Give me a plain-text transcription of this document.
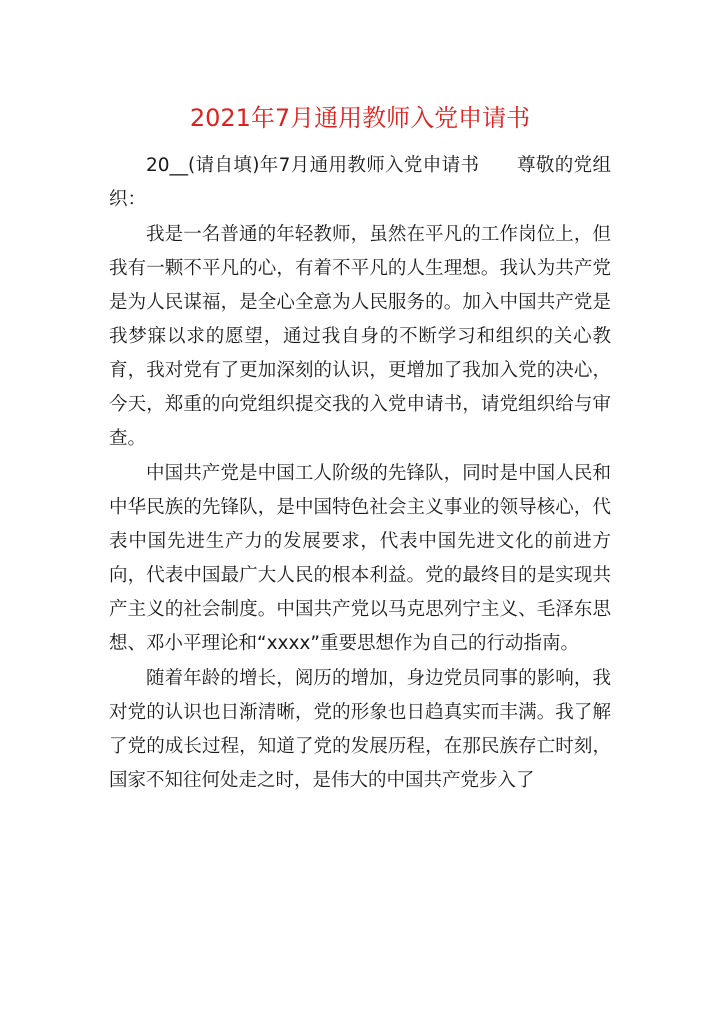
2021年7月通用教师入党申请书

20__(请自填)年7月通用教师入党申请书　　尊敬的党组织：

我是一名普通的年轻教师，虽然在平凡的工作岗位上，但我有一颗不平凡的心，有着不平凡的人生理想。我认为共产党是为人民谋福，是全心全意为人民服务的。加入中国共产党是我梦寐以求的愿望，通过我自身的不断学习和组织的关心教育，我对党有了更加深刻的认识，更增加了我加入党的决心，今天，郑重的向党组织提交我的入党申请书，请党组织给与审查。

中国共产党是中国工人阶级的先锋队，同时是中国人民和中华民族的先锋队，是中国特色社会主义事业的领导核心，代表中国先进生产力的发展要求，代表中国先进文化的前进方向，代表中国最广大人民的根本利益。党的最终目的是实现共产主义的社会制度。中国共产党以马克思列宁主义、毛泽东思想、邓小平理论和“xxxx”重要思想作为自己的行动指南。

随着年龄的增长，阅历的增加，身边党员同事的影响，我对党的认识也日渐清晰，党的形象也日趋真实而丰满。我了解了党的成长过程，知道了党的发展历程，在那民族存亡时刻，国家不知往何处走之时，是伟大的中国共产党步入了
